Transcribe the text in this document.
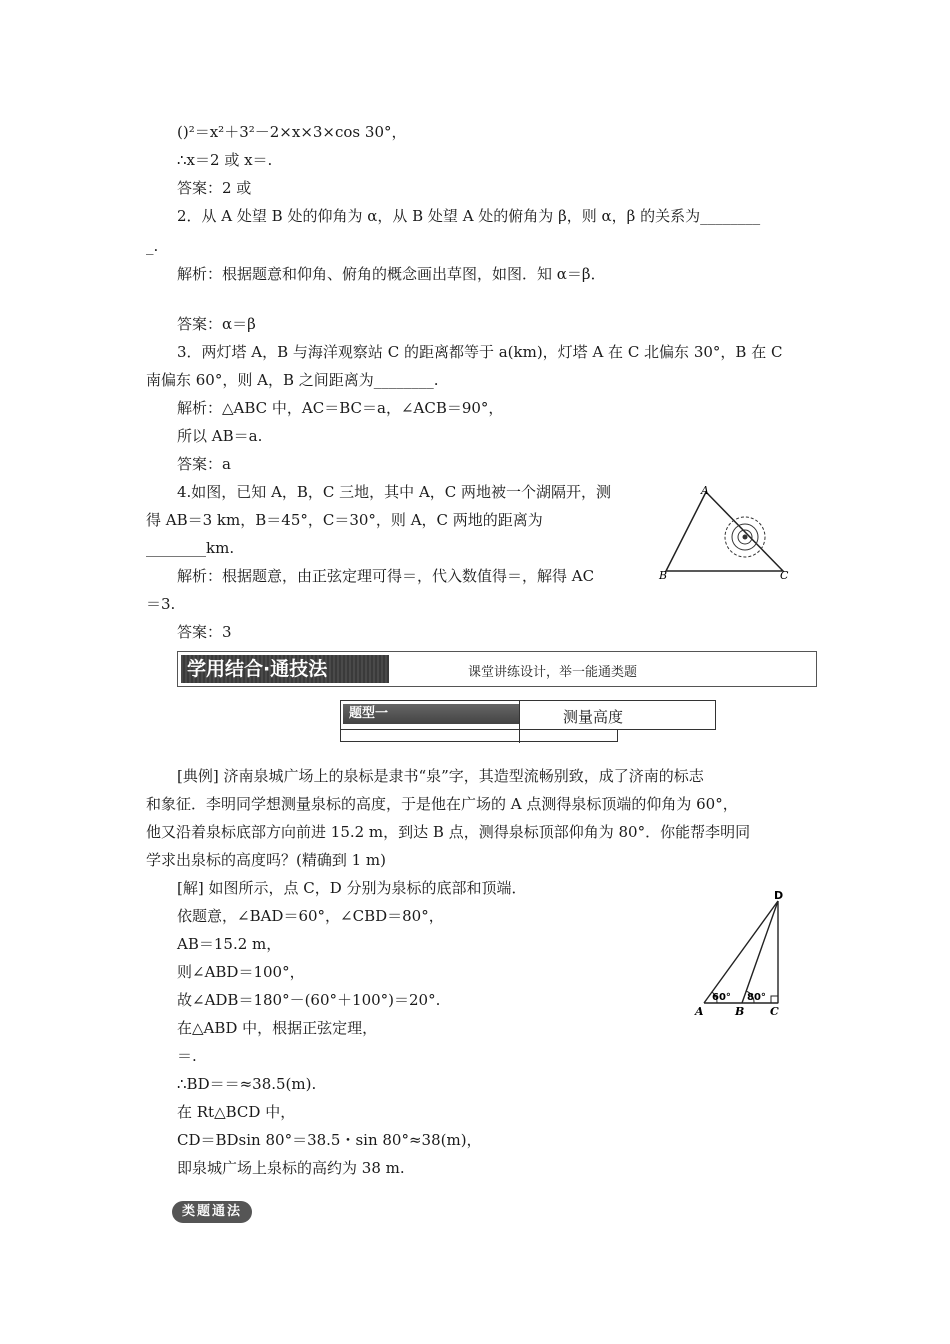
()²＝x²＋3²－2×x×3×cos 30°，
∴x＝2 或 x＝.
答案：2 或
2．从 A 处望 B 处的仰角为 α，从 B 处望 A 处的俯角为 β，则 α，β 的关系为________
_.
解析：根据题意和仰角、俯角的概念画出草图，如图．知 α＝β．
答案：α＝β
3．两灯塔 A，B 与海洋观察站 C 的距离都等于 a(km)，灯塔 A 在 C 北偏东 30°，B 在 C
南偏东 60°，则 A，B 之间距离为________.
解析：△ABC 中，AC＝BC＝a，∠ACB＝90°，
所以 AB＝a.
答案：a
4.如图，已知 A，B，C 三地，其中 A，C 两地被一个湖隔开，测
得 AB＝3 km，B＝45°，C＝30°，则 A，C 两地的距离为
________km.
解析：根据题意，由正弦定理可得＝，代入数值得＝，解得 AC
＝3.
答案：3
A
B	C
学用结合·通技法	课堂讲练设计，举一能通类题
题型一	测量高度
[典例] 济南泉城广场上的泉标是隶书“泉”字，其造型流畅别致，成了济南的标志
和象征．李明同学想测量泉标的高度，于是他在广场的 A 点测得泉标顶端的仰角为 60°，
他又沿着泉标底部方向前进 15.2 m，到达 B 点，测得泉标顶部仰角为 80°．你能帮李明同
学求出泉标的高度吗？(精确到 1 m)
[解] 如图所示，点 C，D 分别为泉标的底部和顶端．
依题意，∠BAD＝60°，∠CBD＝80°，
AB＝15.2 m，
则∠ABD＝100°，
故∠ADB＝180°－(60°＋100°)＝20°.
在△ABD 中，根据正弦定理，
＝.
∴BD＝＝≈38.5(m).
在 Rt△BCD 中，
CD＝BDsin 80°＝38.5・sin 80°≈38(m)，
即泉城广场上泉标的高约为 38 m.
D
A	B C
60° 80°
类题通法
